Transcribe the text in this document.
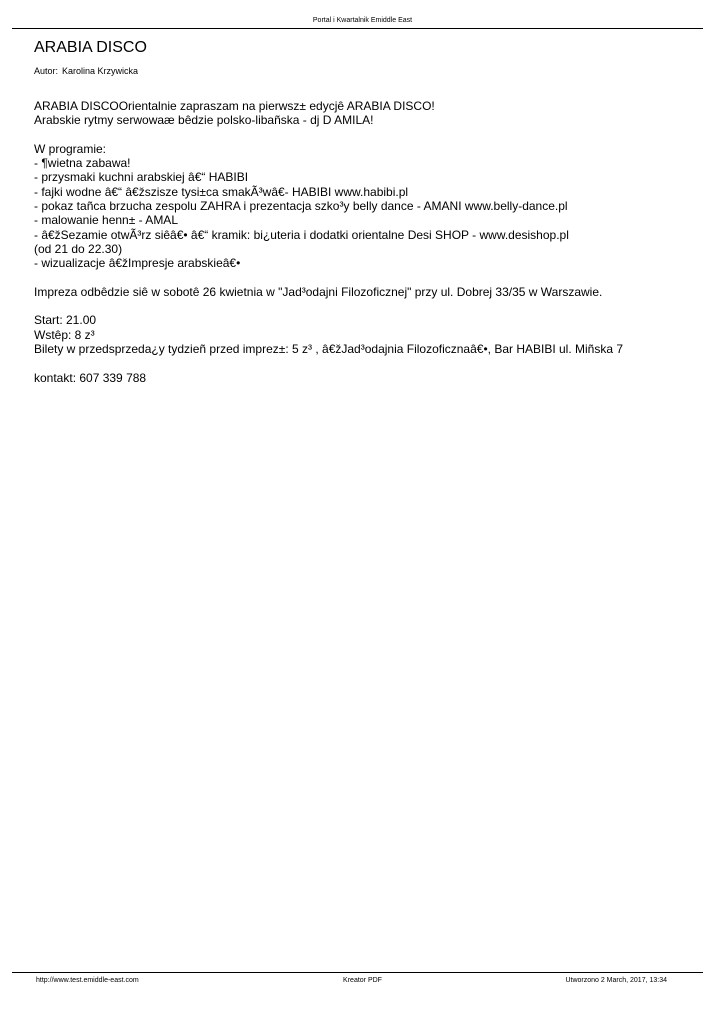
Portal i Kwartalnik Emiddle East
ARABIA DISCO
Autor: Karolina Krzywicka
ARABIA DISCOOrientalnie zapraszam na pierwsz± edycjê ARABIA DISCO!
Arabskie rytmy serwowaæ bêdzie polsko-libañska - dj D AMILA!
W programie:
- ¶wietna zabawa!
- przysmaki kuchni arabskiej â€“ HABIBI
- fajki wodne â€“ â€žszisze tysi±ca smakÃ³wâ€- HABIBI www.habibi.pl
- pokaz tañca brzucha zespolu ZAHRA i prezentacja szko³y belly dance - AMANI www.belly-dance.pl
- malowanie henn± - AMAL
- â€žSezamie otwÃ³rz siêâ€• â€“ kramik: bi¿uteria i dodatki orientalne Desi SHOP - www.desishop.pl
(od 21 do 22.30)
- wizualizacje â€žImpresje arabskieâ€•
Impreza odbêdzie siê w sobotê 26 kwietnia w "Jad³odajni Filozoficznej" przy ul. Dobrej 33/35 w Warszawie.
Start: 21.00
Wstêp: 8 z³
Bilety w przedsprzeda¿y tydzieñ przed imprez±: 5 z³ , â€žJad³odajnia Filozoficznaâ€•, Bar HABIBI ul. Miñska 7
kontakt: 607 339 788
http://www.test.emiddle-east.com	Kreator PDF	Utworzono 2 March, 2017, 13:34
